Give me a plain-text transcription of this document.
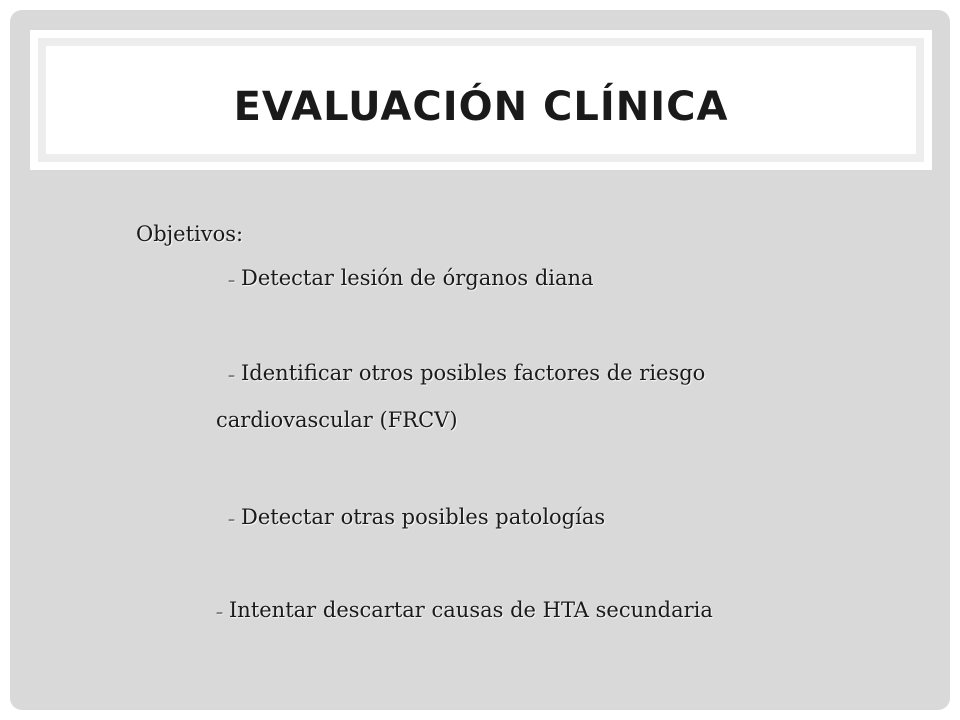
EVALUACIÓN CLÍNICA
Objetivos:
– Detectar lesión de órganos diana
– Identificar otros posibles factores de riesgo
cardiovascular (FRCV)
– Detectar otras posibles patologías
– Intentar descartar causas de HTA secundaria
